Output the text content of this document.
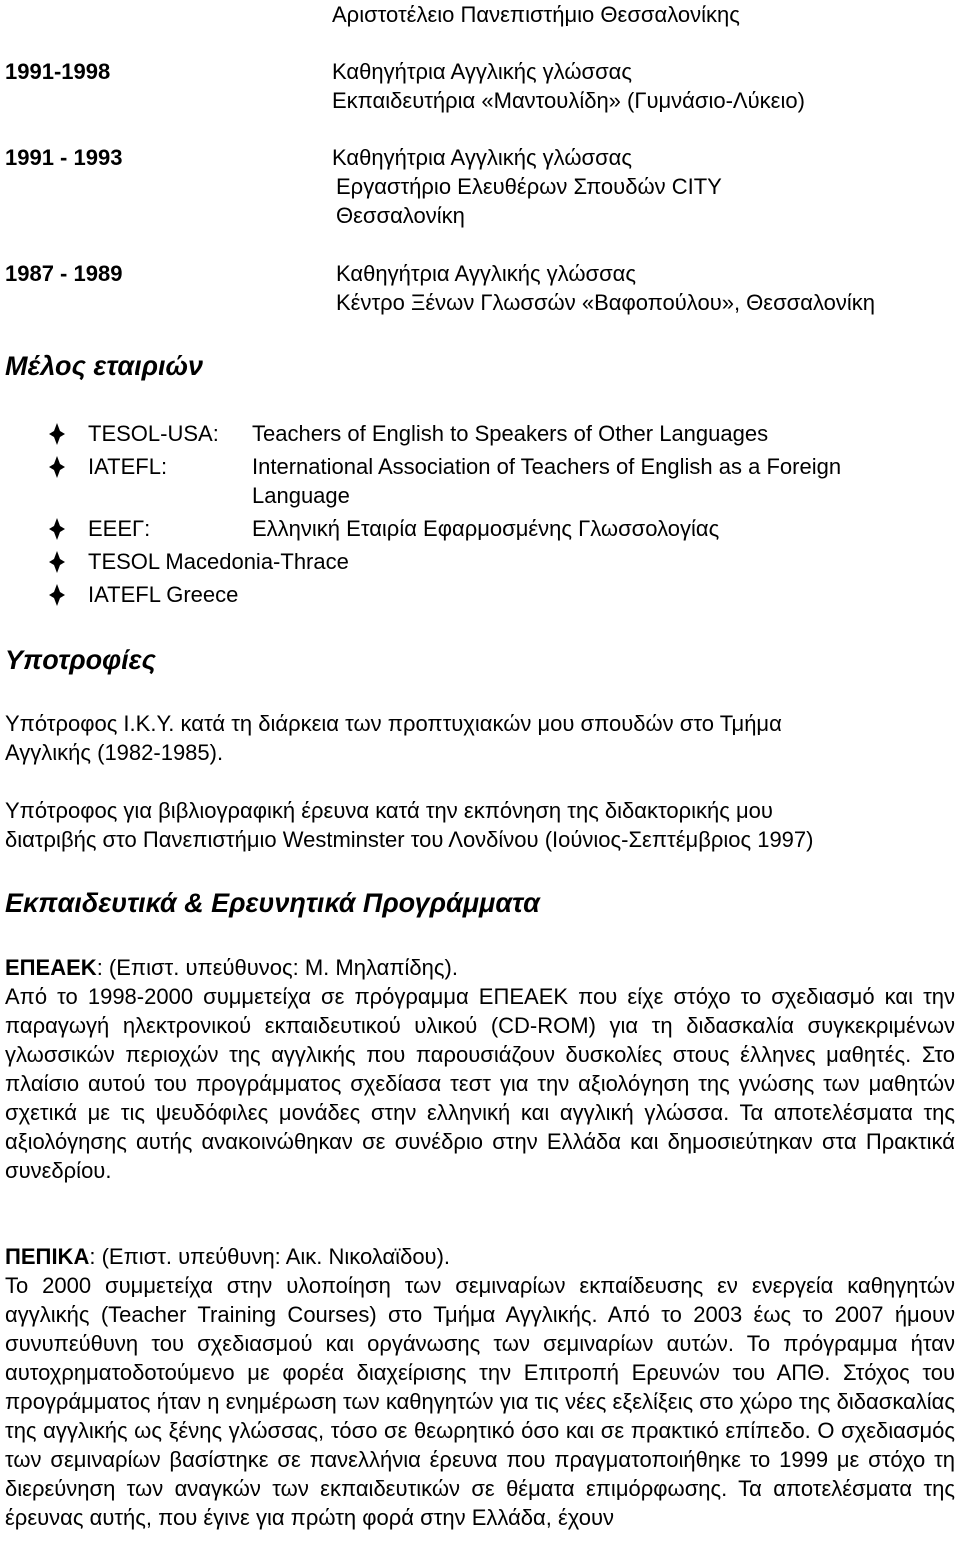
Αριστοτέλειο Πανεπιστήμιο Θεσσαλονίκης
1991-1998	Καθηγήτρια Αγγλικής γλώσσας
Εκπαιδευτήρια «Μαντουλίδη» (Γυμνάσιο-Λύκειο)
1991 - 1993	Καθηγήτρια Αγγλικής γλώσσας
Εργαστήριο Ελευθέρων Σπουδών CITY
Θεσσαλονίκη
1987 - 1989	Καθηγήτρια Αγγλικής γλώσσας
Κέντρο Ξένων Γλωσσών «Βαφοπούλου», Θεσσαλονίκη
Μέλος εταιριών
TESOL-USA: Teachers of English to Speakers of Other Languages
IATEFL:	International Association of Teachers of English as a Foreign
Language
ΕΕΕΓ:	Ελληνική Εταιρία Εφαρμοσμένης Γλωσσολογίας
TESOL Macedonia-Thrace
IATEFL Greece
Υποτροφίες
Υπότροφος Ι.Κ.Υ. κατά τη διάρκεια των προπτυχιακών μου σπουδών στο Τμήμα
Αγγλικής (1982-1985).
Υπότροφος για βιβλιογραφική έρευνα κατά την εκπόνηση της διδακτορικής μου
διατριβής στο Πανεπιστήμιο Westminster του Λονδίνου (Ιούνιος-Σεπτέμβριος 1997)
Εκπαιδευτικά & Ερευνητικά Προγράμματα
ΕΠΕΑΕΚ: (Επιστ. υπεύθυνος: Μ. Μηλαπίδης).

Από το 1998-2000 συμμετείχα σε πρόγραμμα ΕΠΕΑΕΚ που είχε στόχο το σχεδιασμό και την παραγωγή ηλεκτρονικού εκπαιδευτικού υλικού (CD-ROM) για τη διδασκαλία συγκεκριμένων γλωσσικών περιοχών της αγγλικής που παρουσιάζουν δυσκολίες στους έλληνες μαθητές. Στο πλαίσιο αυτού του προγράμματος σχεδίασα τεστ για την αξιολόγηση της γνώσης των μαθητών σχετικά με τις ψευδόφιλες μονάδες στην ελληνική και αγγλική γλώσσα. Τα αποτελέσματα της αξιολόγησης αυτής ανακοινώθηκαν σε συνέδριο στην Ελλάδα και δημοσιεύτηκαν στα Πρακτικά συνεδρίου.

ΠΕΠΙΚΑ: (Επιστ. υπεύθυνη: Αικ. Νικολαϊδου).

Το 2000 συμμετείχα στην υλοποίηση των σεμιναρίων εκπαίδευσης εν ενεργεία καθηγητών αγγλικής (Teacher Training Courses) στο Τμήμα Αγγλικής. Από το 2003 έως το 2007 ήμουν συνυπεύθυνη του σχεδιασμού και οργάνωσης των σεμιναρίων αυτών. Το πρόγραμμα ήταν αυτοχρηματοδοτούμενο με φορέα διαχείρισης την Επιτροπή Ερευνών του ΑΠΘ. Στόχος του προγράμματος ήταν η ενημέρωση των καθηγητών για τις νέες εξελίξεις στο χώρο της διδασκαλίας της αγγλικής ως ξένης γλώσσας, τόσο σε θεωρητικό όσο και σε πρακτικό επίπεδο. Ο σχεδιασμός των σεμιναρίων βασίστηκε σε πανελλήνια έρευνα που πραγματοποιήθηκε το 1999 με στόχο τη διερεύνηση των αναγκών των εκπαιδευτικών σε θέματα επιμόρφωσης. Τα αποτελέσματα της έρευνας αυτής, που έγινε για πρώτη φορά στην Ελλάδα, έχουν
